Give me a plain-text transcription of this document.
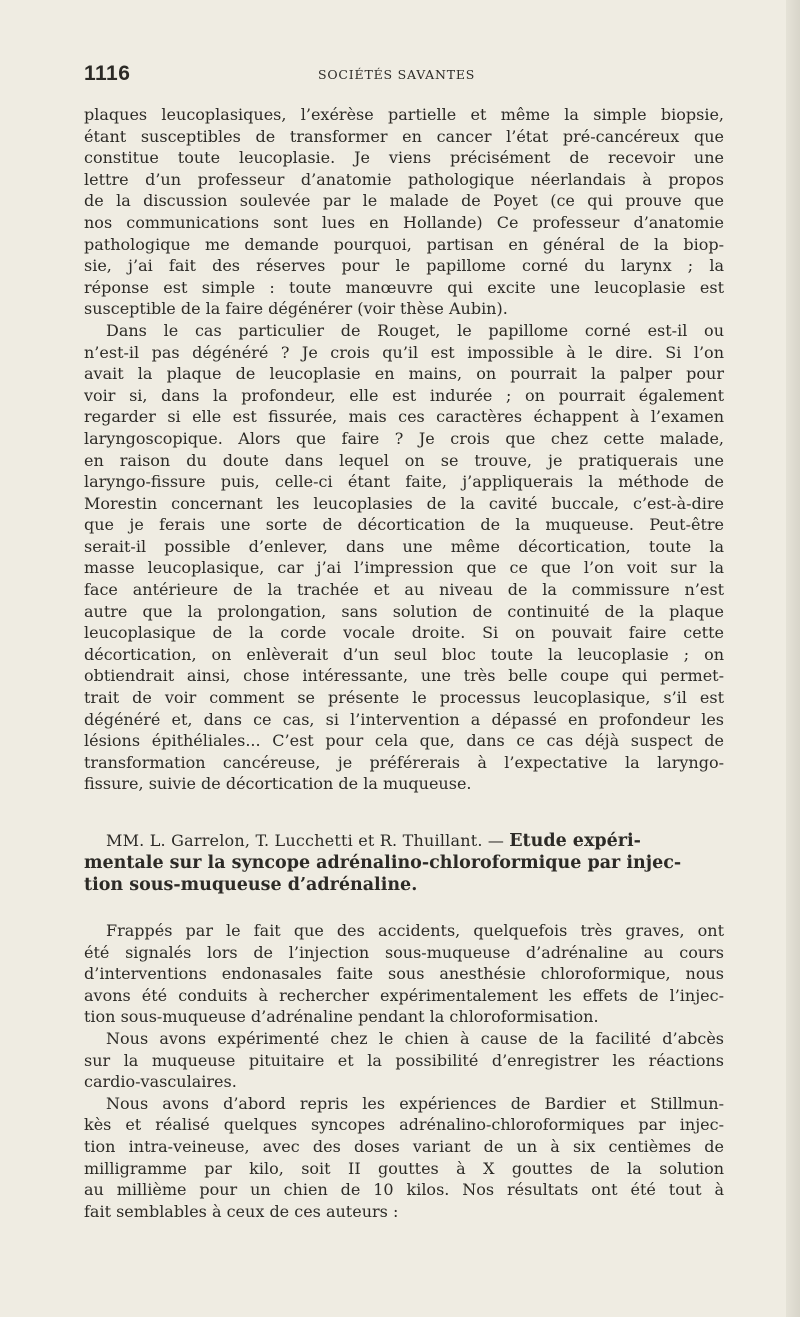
1116	SOCIÉTÉS SAVANTES
plaques leucoplasiques, l’exérèse partielle et même la simple biopsie,
étant susceptibles de transformer en cancer l’état pré-cancéreux que
constitue toute leucoplasie. Je viens précisément de recevoir une
lettre d’un professeur d’anatomie pathologique néerlandais à propos
de la discussion soulevée par le malade de Poyet (ce qui prouve que
nos communications sont lues en Hollande) Ce professeur d’anatomie
pathologique me demande pourquoi, partisan en général de la biop-
sie, j’ai fait des réserves pour le papillome corné du larynx ; la
réponse est simple : toute manœuvre qui excite une leucoplasie est
susceptible de la faire dégénérer (voir thèse Aubin).
Dans le cas particulier de Rouget, le papillome corné est-il ou
n’est-il pas dégénéré ? Je crois qu’il est impossible à le dire. Si l’on
avait la plaque de leucoplasie en mains, on pourrait la palper pour
voir si, dans la profondeur, elle est indurée ; on pourrait également
regarder si elle est fissurée, mais ces caractères échappent à l’examen
laryngoscopique. Alors que faire ? Je crois que chez cette malade,
en raison du doute dans lequel on se trouve, je pratiquerais une
laryngo-fissure puis, celle-ci étant faite, j’appliquerais la méthode de
Morestin concernant les leucoplasies de la cavité buccale, c’est-à-dire
que je ferais une sorte de décortication de la muqueuse. Peut-être
serait-il possible d’enlever, dans une même décortication, toute la
masse leucoplasique, car j’ai l’impression que ce que l’on voit sur la
face antérieure de la trachée et au niveau de la commissure n’est
autre que la prolongation, sans solution de continuité de la plaque
leucoplasique de la corde vocale droite. Si on pouvait faire cette
décortication, on enlèverait d’un seul bloc toute la leucoplasie ; on
obtiendrait ainsi, chose intéressante, une très belle coupe qui permet-
trait de voir comment se présente le processus leucoplasique, s’il est
dégénéré et, dans ce cas, si l’intervention a dépassé en profondeur les
lésions épithéliales... C’est pour cela que, dans ce cas déjà suspect de
transformation cancéreuse, je préférerais à l’expectative la laryngo-
fissure, suivie de décortication de la muqueuse.
MM. L. Garrelon, T. Lucchetti et R. Thuillant. — Etude expéri-
mentale sur la syncope adrénalino-chloroformique par injec-
tion sous-muqueuse d’adrénaline.
Frappés par le fait que des accidents, quelquefois très graves, ont
été signalés lors de l’injection sous-muqueuse d’adrénaline au cours
d’interventions endonasales faite sous anesthésie chloroformique, nous
avons été conduits à rechercher expérimentalement les effets de l’injec-
tion sous-muqueuse d’adrénaline pendant la chloroformisation.
Nous avons expérimenté chez le chien à cause de la facilité d’abcès
sur la muqueuse pituitaire et la possibilité d’enregistrer les réactions
cardio-vasculaires.
Nous avons d’abord repris les expériences de Bardier et Stillmun-
kès et réalisé quelques syncopes adrénalino-chloroformiques par injec-
tion intra-veineuse, avec des doses variant de un à six centièmes de
milligramme par kilo, soit II gouttes à X gouttes de la solution
au millième pour un chien de 10 kilos. Nos résultats ont été tout à
fait semblables à ceux de ces auteurs :
